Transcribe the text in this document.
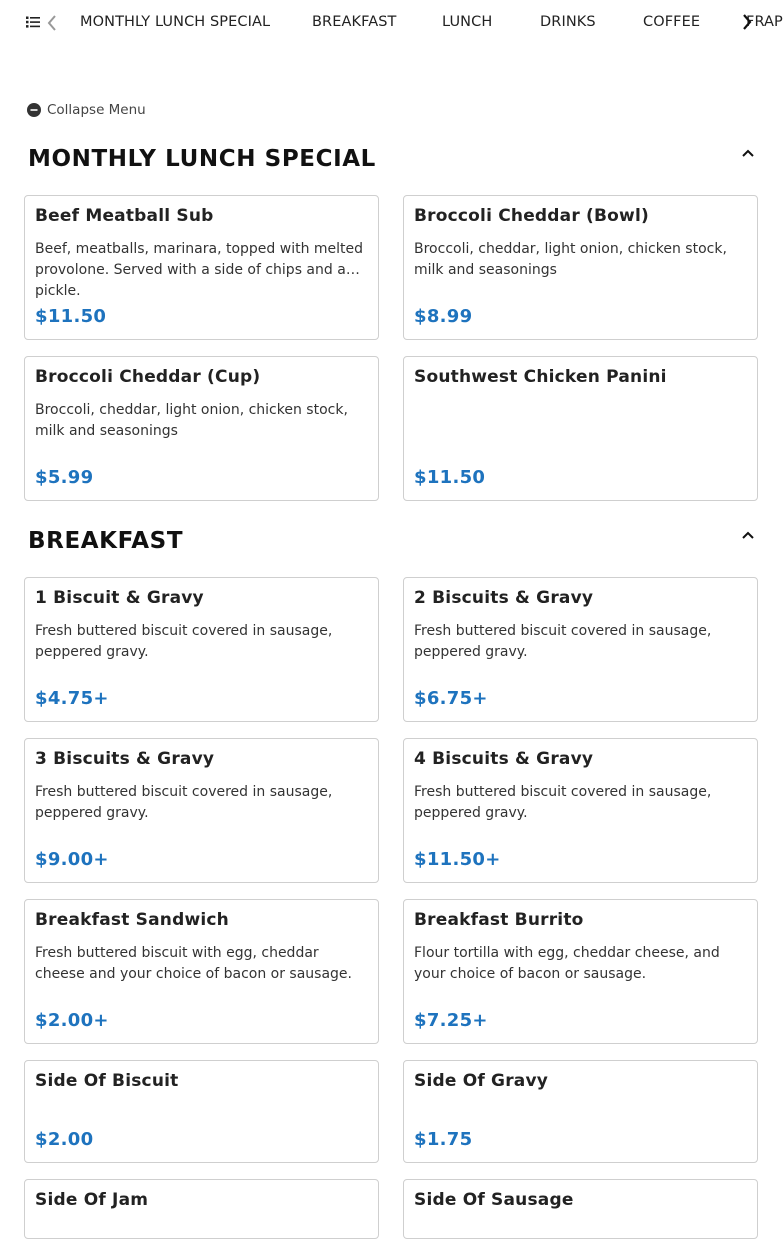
MONTHLY LUNCH SPECIAL	BREAKFAST	LUNCH	DRINKS	COFFEE	FRAP
Collapse Menu
MONTHLY LUNCH SPECIAL
Beef Meatball Sub
Beef, meatballs, marinara, topped with melted provolone. Served with a side of chips and a pickle.
$11.50
Broccoli Cheddar (Bowl)
Broccoli, cheddar, light onion, chicken stock, milk and seasonings
$8.99
Broccoli Cheddar (Cup)
Broccoli, cheddar, light onion, chicken stock, milk and seasonings
$5.99
Southwest Chicken Panini
$11.50
BREAKFAST
1 Biscuit & Gravy
Fresh buttered biscuit covered in sausage, peppered gravy.
$4.75+
2 Biscuits & Gravy
Fresh buttered biscuit covered in sausage, peppered gravy.
$6.75+
3 Biscuits & Gravy
Fresh buttered biscuit covered in sausage, peppered gravy.
$9.00+
4 Biscuits & Gravy
Fresh buttered biscuit covered in sausage, peppered gravy.
$11.50+
Breakfast Sandwich
Fresh buttered biscuit with egg, cheddar cheese and your choice of bacon or sausage.
$2.00+
Breakfast Burrito
Flour tortilla with egg, cheddar cheese, and your choice of bacon or sausage.
$7.25+
Side Of Biscuit
$2.00
Side Of Gravy
$1.75
Side Of Jam	Side Of Sausage
